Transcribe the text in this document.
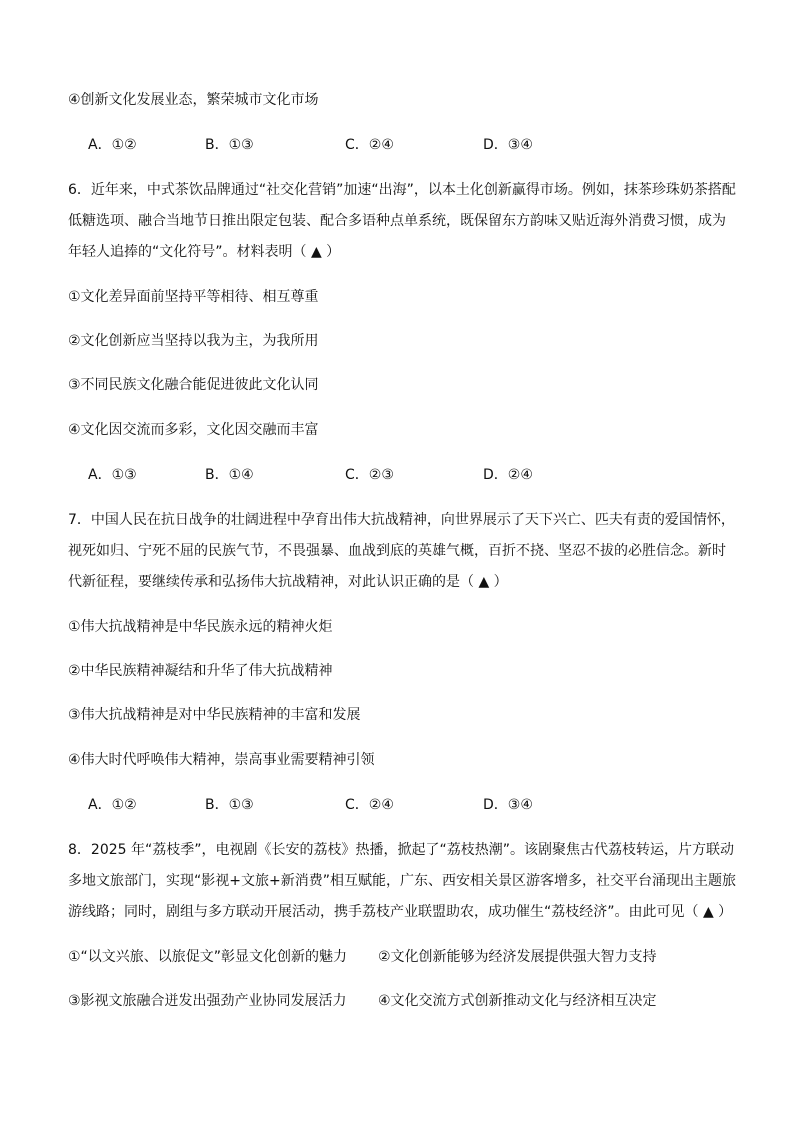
④创新文化发展业态，繁荣城市文化市场
A．①②	B．①③	C．②④	D．③④
6．近年来，中式茶饮品牌通过“社交化营销”加速“出海”，以本土化创新赢得市场。例如，抹茶珍珠奶茶搭配
低糖选项、融合当地节日推出限定包装、配合多语种点单系统，既保留东方韵味又贴近海外消费习惯，成为
年轻人追捧的“文化符号”。材料表明（ ▲ ）
①文化差异面前坚持平等相待、相互尊重
②文化创新应当坚持以我为主，为我所用
③不同民族文化融合能促进彼此文化认同
④文化因交流而多彩，文化因交融而丰富
A．①③	B．①④	C．②③	D．②④
7．中国人民在抗日战争的壮阔进程中孕育出伟大抗战精神，向世界展示了天下兴亡、匹夫有责的爱国情怀，
视死如归、宁死不屈的民族气节，不畏强暴、血战到底的英雄气概，百折不挠、坚忍不拔的必胜信念。新时
代新征程，要继续传承和弘扬伟大抗战精神，对此认识正确的是（ ▲ ）
①伟大抗战精神是中华民族永远的精神火炬
②中华民族精神凝结和升华了伟大抗战精神
③伟大抗战精神是对中华民族精神的丰富和发展
④伟大时代呼唤伟大精神，崇高事业需要精神引领
A．①②	B．①③	C．②④	D．③④
8．2025 年“荔枝季”，电视剧《长安的荔枝》热播，掀起了“荔枝热潮”。该剧聚焦古代荔枝转运，片方联动
多地文旅部门，实现“影视+文旅+新消费”相互赋能，广东、西安相关景区游客增多，社交平台涌现出主题旅
游线路；同时，剧组与多方联动开展活动，携手荔枝产业联盟助农，成功催生“荔枝经济”。由此可见（ ▲ ）
①“以文兴旅、以旅促文”彰显文化创新的魅力 ②文化创新能够为经济发展提供强大智力支持
③影视文旅融合迸发出强劲产业协同发展活力 ④文化交流方式创新推动文化与经济相互决定
